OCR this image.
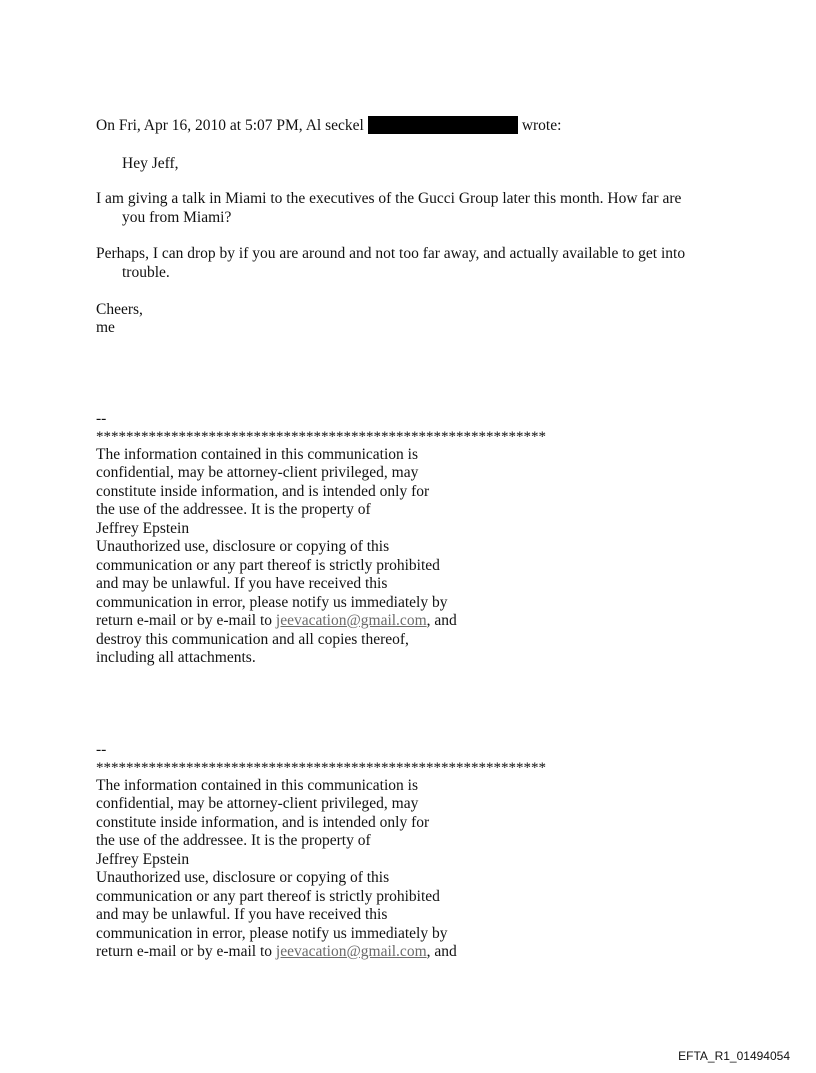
On Fri, Apr 16, 2010 at 5:07 PM, Al seckel	wrote:
Hey Jeff,
I am giving a talk in Miami to the executives of the Gucci Group later this month. How far are
you from Miami?
Perhaps, I can drop by if you are around and not too far away, and actually available to get into
trouble.
Cheers,
me
--
************************************************************
The information contained in this communication is
confidential, may be attorney-client privileged, may
constitute inside information, and is intended only for
the use of the addressee. It is the property of
Jeffrey Epstein
Unauthorized use, disclosure or copying of this
communication or any part thereof is strictly prohibited
and may be unlawful. If you have received this
communication in error, please notify us immediately by
return e-mail or by e-mail to jeevacation@gmail.com, and
destroy this communication and all copies thereof,
including all attachments.
--
************************************************************
The information contained in this communication is
confidential, may be attorney-client privileged, may
constitute inside information, and is intended only for
the use of the addressee. It is the property of
Jeffrey Epstein
Unauthorized use, disclosure or copying of this
communication or any part thereof is strictly prohibited
and may be unlawful. If you have received this
communication in error, please notify us immediately by
return e-mail or by e-mail to jeevacation@gmail.com, and
EFTA_R1_01494054
